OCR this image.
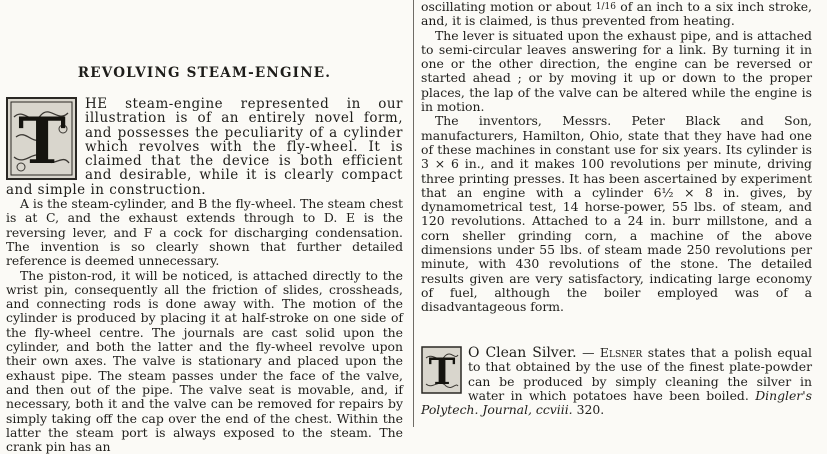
REVOLVING STEAM-ENGINE.
T	HE steam-engine represented in our illustration is of an entirely novel form, and possesses the peculiarity of a cylinder which revolves with the fly-wheel. It is claimed that the device is both efficient and desirable, while it is clearly compact and simple in construction.

A is the steam-cylinder, and B the fly-wheel. The steam chest is at C, and the exhaust extends through to D. E is the reversing lever, and F a cock for discharging condensation. The invention is so clearly shown that further detailed reference is deemed unnecessary.

The piston-rod, it will be noticed, is attached directly to the wrist pin, consequently all the friction of slides, crossheads, and connecting rods is done away with. The motion of the cylinder is produced by placing it at half-stroke on one side of the fly-wheel centre. The journals are cast solid upon the cylinder, and both the latter and the fly-wheel revolve upon their own axes. The valve is stationary and placed upon the exhaust pipe. The steam passes under the face of the valve, and then out of the pipe. The valve seat is movable, and, if necessary, both it and the valve can be removed for repairs by simply taking off the cap over the end of the chest. Within the latter the steam port is always exposed to the steam. The crank pin has an

oscillating motion or about 1/16 of an inch to a six inch stroke, and, it is claimed, is thus prevented from heating.

The lever is situated upon the exhaust pipe, and is attached to semi-circular leaves answering for a link. By turning it in one or the other direction, the engine can be reversed or started ahead ; or by moving it up or down to the proper places, the lap of the valve can be altered while the engine is in motion.

The inventors, Messrs. Peter Black and Son, manufacturers, Hamilton, Ohio, state that they have had one of these machines in constant use for six years. Its cylinder is 3 × 6 in., and it makes 100 revolutions per minute, driving three printing presses. It has been ascertained by experiment that an engine with a cylinder 6½ × 8 in. gives, by dynamometrical test, 14 horse-power, 55 lbs. of steam, and 120 revolutions. Attached to a 24 in. burr millstone, and a corn sheller grinding corn, a machine of the above dimensions under 55 lbs. of steam made 250 revolutions per minute, with 430 revolutions of the stone. The detailed results given are very satisfactory, indicating large economy of fuel, although the boiler employed was of a disadvantageous form.

T O Clean Silver. — Elsner states that a polish equal to that obtained by the use of the finest plate-powder can be produced by simply cleaning the silver in water in which potatoes have been boiled. Dingler's Polytech. Journal, ccviii. 320.
